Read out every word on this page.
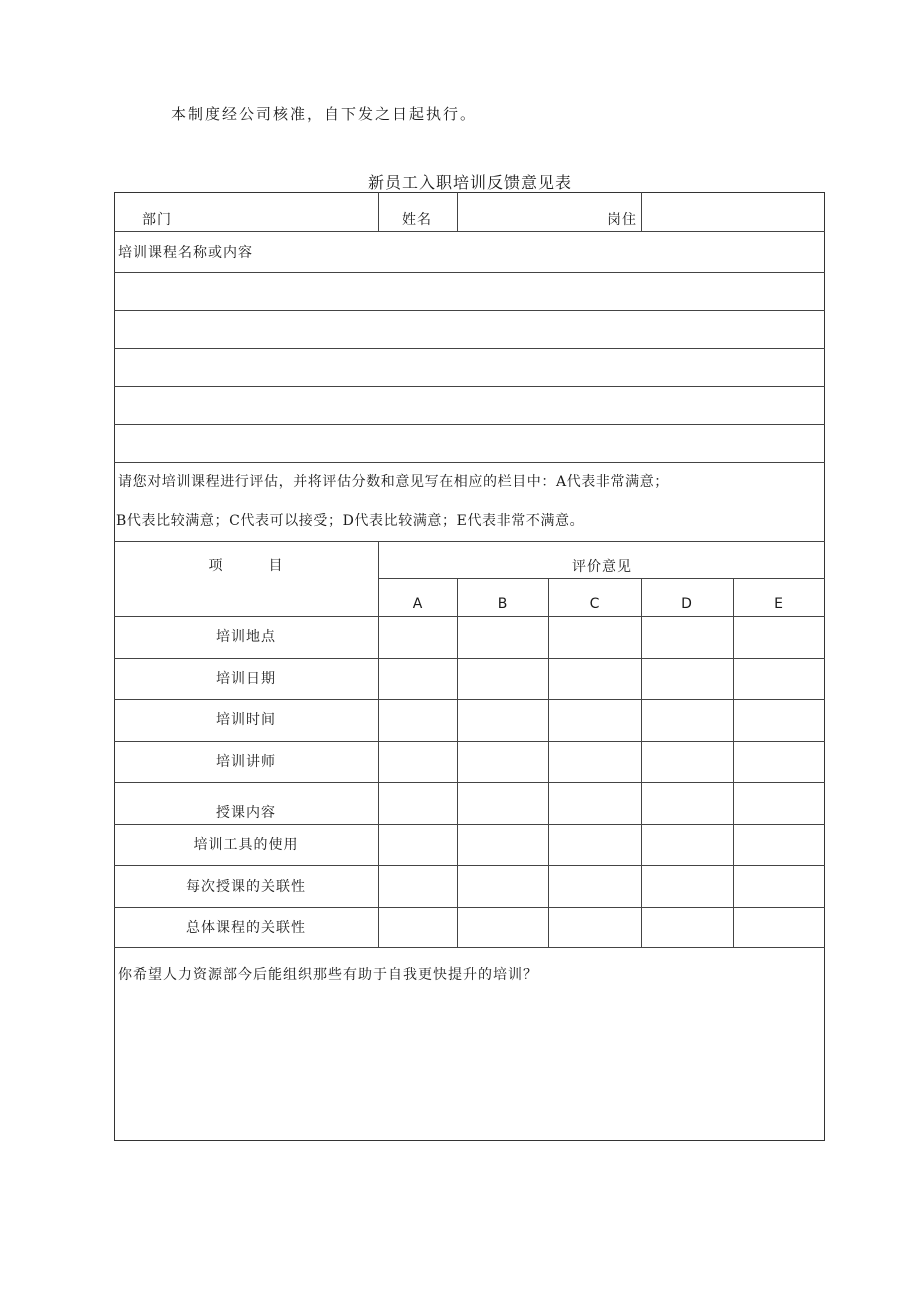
本制度经公司核准，自下发之日起执行。
新员工入职培训反馈意见表
部门	姓名	岗住
培训课程名称或内容
请您对培训课程进行评估，并将评估分数和意见写在相应的栏目中：A代表非常满意；
B代表比较满意；C代表可以接受；D代表比较满意；E代表非常不满意。
项　　　目	评价意见
A	B	C	D	E
培训地点
培训日期
培训时间
培训讲师
授课内容
培训工具的使用
每次授课的关联性
总体课程的关联性
你希望人力资源部今后能组织那些有助于自我更快提升的培训？
